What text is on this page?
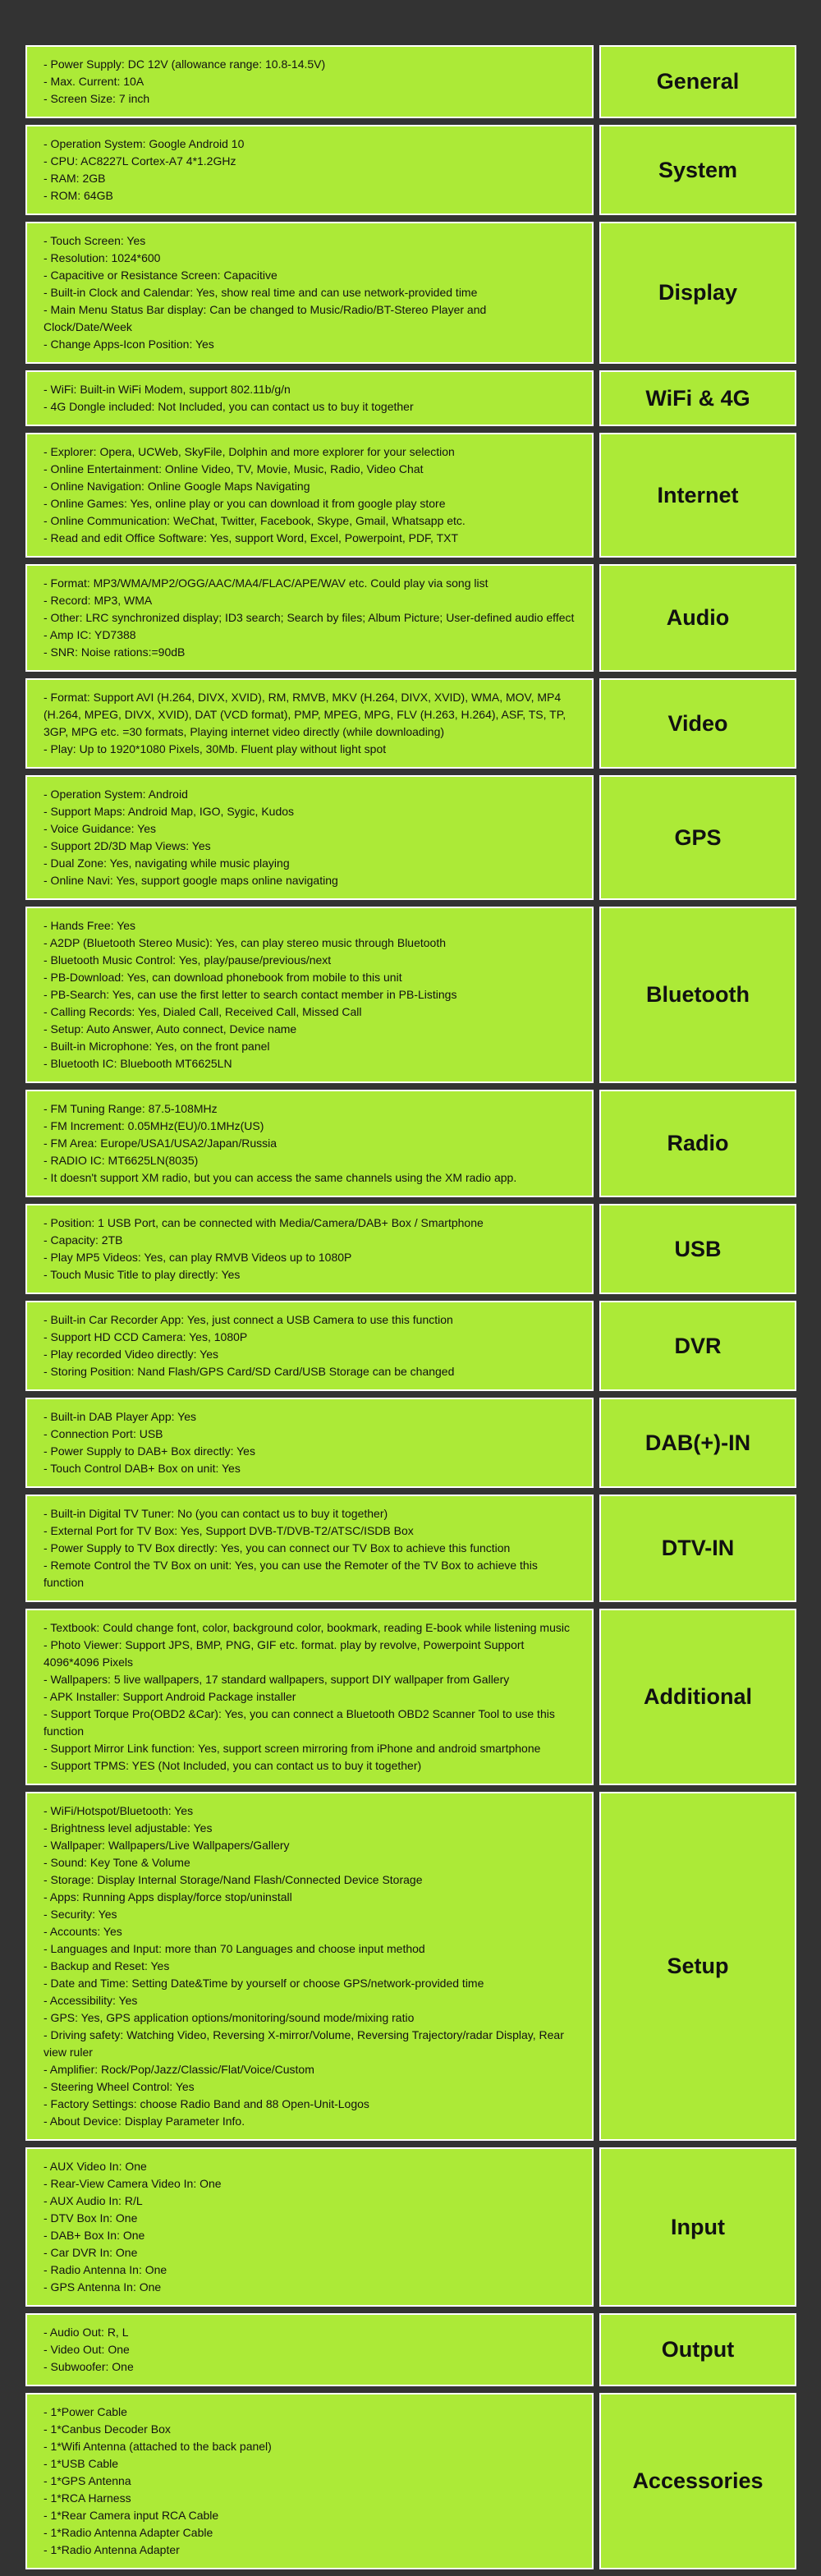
- Power Supply: DC 12V (allowance range: 10.8-14.5V)
- Max. Current: 10A
- Screen Size: 7 inch
General
- Operation System: Google Android 10
- CPU: AC8227L Cortex-A7 4*1.2GHz
- RAM: 2GB
- ROM: 64GB
System
- Touch Screen: Yes
- Resolution: 1024*600
- Capacitive or Resistance Screen: Capacitive
- Built-in Clock and Calendar: Yes, show real time and can use network-provided time
- Main Menu Status Bar display: Can be changed to Music/Radio/BT-Stereo Player and Clock/Date/Week
- Change Apps-Icon Position: Yes
Display
- WiFi: Built-in WiFi Modem, support 802.11b/g/n
- 4G Dongle included: Not Included, you can contact us to buy it together	WiFi & 4G
- Explorer: Opera, UCWeb, SkyFile, Dolphin and more explorer for your selection
- Online Entertainment: Online Video, TV, Movie, Music, Radio, Video Chat
- Online Navigation: Online Google Maps Navigating
- Online Games: Yes, online play or you can download it from google play store
- Online Communication: WeChat, Twitter, Facebook, Skype, Gmail, Whatsapp etc.
- Read and edit Office Software: Yes, support Word, Excel, Powerpoint, PDF, TXT
Internet
- Format: MP3/WMA/MP2/OGG/AAC/MA4/FLAC/APE/WAV etc. Could play via song list
- Record: MP3, WMA
- Other: LRC synchronized display; ID3 search; Search by files; Album Picture; User-defined audio effect
- Amp IC: YD7388
- SNR: Noise rations:=90dB
Audio
- Format: Support AVI (H.264, DIVX, XVID), RM, RMVB, MKV (H.264, DIVX, XVID), WMA, MOV, MP4 (H.264, MPEG, DIVX, XVID), DAT (VCD format), PMP, MPEG, MPG, FLV (H.263, H.264), ASF, TS, TP, 3GP, MPG etc. =30 formats, Playing internet video directly (while downloading)
- Play: Up to 1920*1080 Pixels, 30Mb. Fluent play without light spot
Video
- Operation System: Android
- Support Maps: Android Map, IGO, Sygic, Kudos
- Voice Guidance: Yes
- Support 2D/3D Map Views: Yes
- Dual Zone: Yes, navigating while music playing
- Online Navi: Yes, support google maps online navigating
GPS
- Hands Free: Yes
- A2DP (Bluetooth Stereo Music): Yes, can play stereo music through Bluetooth
- Bluetooth Music Control: Yes, play/pause/previous/next
- PB-Download: Yes, can download phonebook from mobile to this unit
- PB-Search: Yes, can use the first letter to search contact member in PB-Listings
- Calling Records: Yes, Dialed Call, Received Call, Missed Call
- Setup: Auto Answer, Auto connect, Device name
- Built-in Microphone: Yes, on the front panel
- Bluetooth IC: Bluebooth MT6625LN
Bluetooth
- FM Tuning Range: 87.5-108MHz
- FM Increment: 0.05MHz(EU)/0.1MHz(US)
- FM Area: Europe/USA1/USA2/Japan/Russia
- RADIO IC: MT6625LN(8035)
- It doesn't support XM radio, but you can access the same channels using the XM radio app.
Radio
- Position: 1 USB Port, can be connected with Media/Camera/DAB+ Box / Smartphone
- Capacity: 2TB
- Play MP5 Videos: Yes, can play RMVB Videos up to 1080P
- Touch Music Title to play directly: Yes
USB
- Built-in Car Recorder App: Yes, just connect a USB Camera to use this function
- Support HD CCD Camera: Yes, 1080P
- Play recorded Video directly: Yes
- Storing Position: Nand Flash/GPS Card/SD Card/USB Storage can be changed
DVR
- Built-in DAB Player App: Yes
- Connection Port: USB
- Power Supply to DAB+ Box directly: Yes
- Touch Control DAB+ Box on unit: Yes
DAB(+)-IN
- Built-in Digital TV Tuner: No (you can contact us to buy it together)
- External Port for TV Box: Yes, Support DVB-T/DVB-T2/ATSC/ISDB Box
- Power Supply to TV Box directly: Yes, you can connect our TV Box to achieve this function
- Remote Control the TV Box on unit: Yes, you can use the Remoter of the TV Box to achieve this function
DTV-IN
- Textbook: Could change font, color, background color, bookmark, reading E-book while listening music
- Photo Viewer: Support JPS, BMP, PNG, GIF etc. format. play by revolve, Powerpoint Support 4096*4096 Pixels
- Wallpapers: 5 live wallpapers, 17 standard wallpapers, support DIY wallpaper from Gallery
- APK Installer: Support Android Package installer
- Support Torque Pro(OBD2 &Car): Yes, you can connect a Bluetooth OBD2 Scanner Tool to use this function
- Support Mirror Link function: Yes, support screen mirroring from iPhone and android smartphone
- Support TPMS: YES (Not Included, you can contact us to buy it together)
Additional
- WiFi/Hotspot/Bluetooth: Yes
- Brightness level adjustable: Yes
- Wallpaper: Wallpapers/Live Wallpapers/Gallery
- Sound: Key Tone & Volume
- Storage: Display Internal Storage/Nand Flash/Connected Device Storage
- Apps: Running Apps display/force stop/uninstall
- Security: Yes
- Accounts: Yes
- Languages and Input: more than 70 Languages and choose input method
- Backup and Reset: Yes
- Date and Time: Setting Date&Time by yourself or choose GPS/network-provided time
- Accessibility: Yes
- GPS: Yes, GPS application options/monitoring/sound mode/mixing ratio
- Driving safety: Watching Video, Reversing X-mirror/Volume, Reversing Trajectory/radar Display, Rear view ruler
- Amplifier: Rock/Pop/Jazz/Classic/Flat/Voice/Custom
- Steering Wheel Control: Yes
- Factory Settings: choose Radio Band and 88 Open-Unit-Logos
- About Device: Display Parameter Info.
Setup
- AUX Video In: One
- Rear-View Camera Video In: One
- AUX Audio In: R/L
- DTV Box In: One
- DAB+ Box In: One
- Car DVR In: One
- Radio Antenna In: One
- GPS Antenna In: One
Input
- Audio Out: R, L
- Video Out: One
- Subwoofer: One
Output
- 1*Power Cable
- 1*Canbus Decoder Box
- 1*Wifi Antenna (attached to the back panel)
- 1*USB Cable
- 1*GPS Antenna
- 1*RCA Harness
- 1*Rear Camera input RCA Cable
- 1*Radio Antenna Adapter Cable
- 1*Radio Antenna Adapter
Accessories
